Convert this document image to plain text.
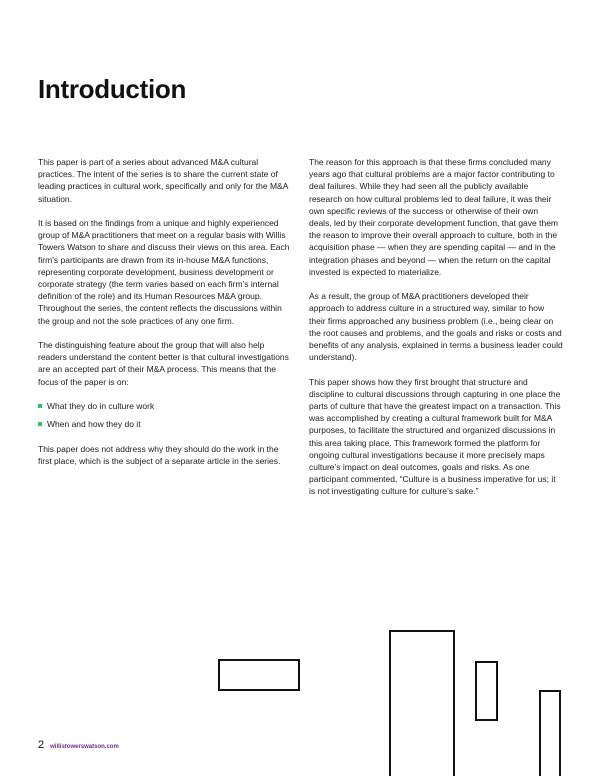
Introduction

This paper is part of a series about advanced M&A cultural practices. The intent of the series is to share the current state of leading practices in cultural work, specifically and only for the M&A situation.

It is based on the findings from a unique and highly experienced group of M&A practitioners that meet on a regular basis with Willis Towers Watson to share and discuss their views on this area. Each firm’s participants are drawn from its in-house M&A functions, representing corporate development, business development or corporate strategy (the term varies based on each firm’s internal definition of the role) and its Human Resources M&A group. Throughout the series, the content reflects the discussions within the group and not the sole practices of any one firm.

The distinguishing feature about the group that will also help readers understand the content better is that cultural investigations are an accepted part of their M&A process. This means that the focus of the paper is on:

What they do in culture work
When and how they do it

This paper does not address why they should do the work in the first place, which is the subject of a separate article in the series.

The reason for this approach is that these firms concluded many years ago that cultural problems are a major factor contributing to deal failures. While they had seen all the publicly available research on how cultural problems led to deal failure, it was their own specific reviews of the success or otherwise of their own deals, led by their corporate development function, that gave them the reason to improve their overall approach to culture, both in the acquisition phase — when they are spending capital — and in the integration phases and beyond — when the return on the capital invested is expected to materialize.

As a result, the group of M&A practitioners developed their approach to address culture in a structured way, similar to how their firms approached any business problem (i.e., being clear on the root causes and problems, and the goals and risks or costs and benefits of any analysis, explained in terms a business leader could understand).

This paper shows how they first brought that structure and discipline to cultural discussions through capturing in one place the parts of culture that have the greatest impact on a transaction. This was accomplished by creating a cultural framework built for M&A purposes, to facilitate the structured and organized discussions in this area taking place. This framework formed the platform for ongoing cultural investigations because it more precisely maps culture’s impact on deal outcomes, goals and risks. As one participant commented, “Culture is a business imperative for us; it is not investigating culture for culture’s sake.”

2 willistowerswatson.com
